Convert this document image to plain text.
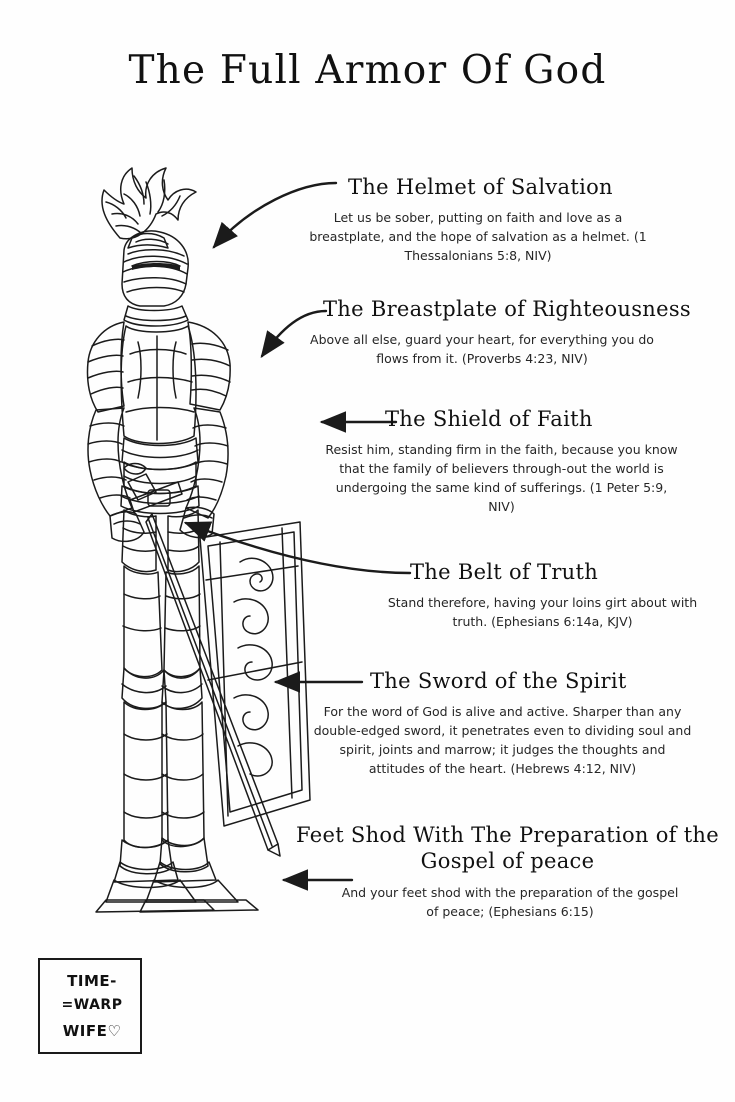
The Full Armor Of God
The Helmet of Salvation
Let us be sober, putting on faith and love as a breastplate, and the hope of salvation as a helmet. (1 Thessalonians 5:8, NIV)
The Breastplate of Righteousness
Above all else, guard your heart, for everything you do flows from it. (Proverbs 4:23, NIV)
The Shield of Faith
Resist him, standing firm in the faith, because you know that the family of believers through-out the world is undergoing the same kind of sufferings. (1 Peter 5:9, NIV)
The Belt of Truth
Stand therefore, having your loins girt about with truth. (Ephesians 6:14a, KJV)
The Sword of the Spirit
For the word of God is alive and active. Sharper than any double-edged sword, it penetrates even to dividing soul and spirit, joints and marrow; it judges the thoughts and attitudes of the heart. (Hebrews 4:12, NIV)
Feet Shod With The Preparation of the Gospel of peace
And your feet shod with the preparation of the gospel of peace; (Ephesians 6:15)
TIME-
=WARP
WIFE♡
